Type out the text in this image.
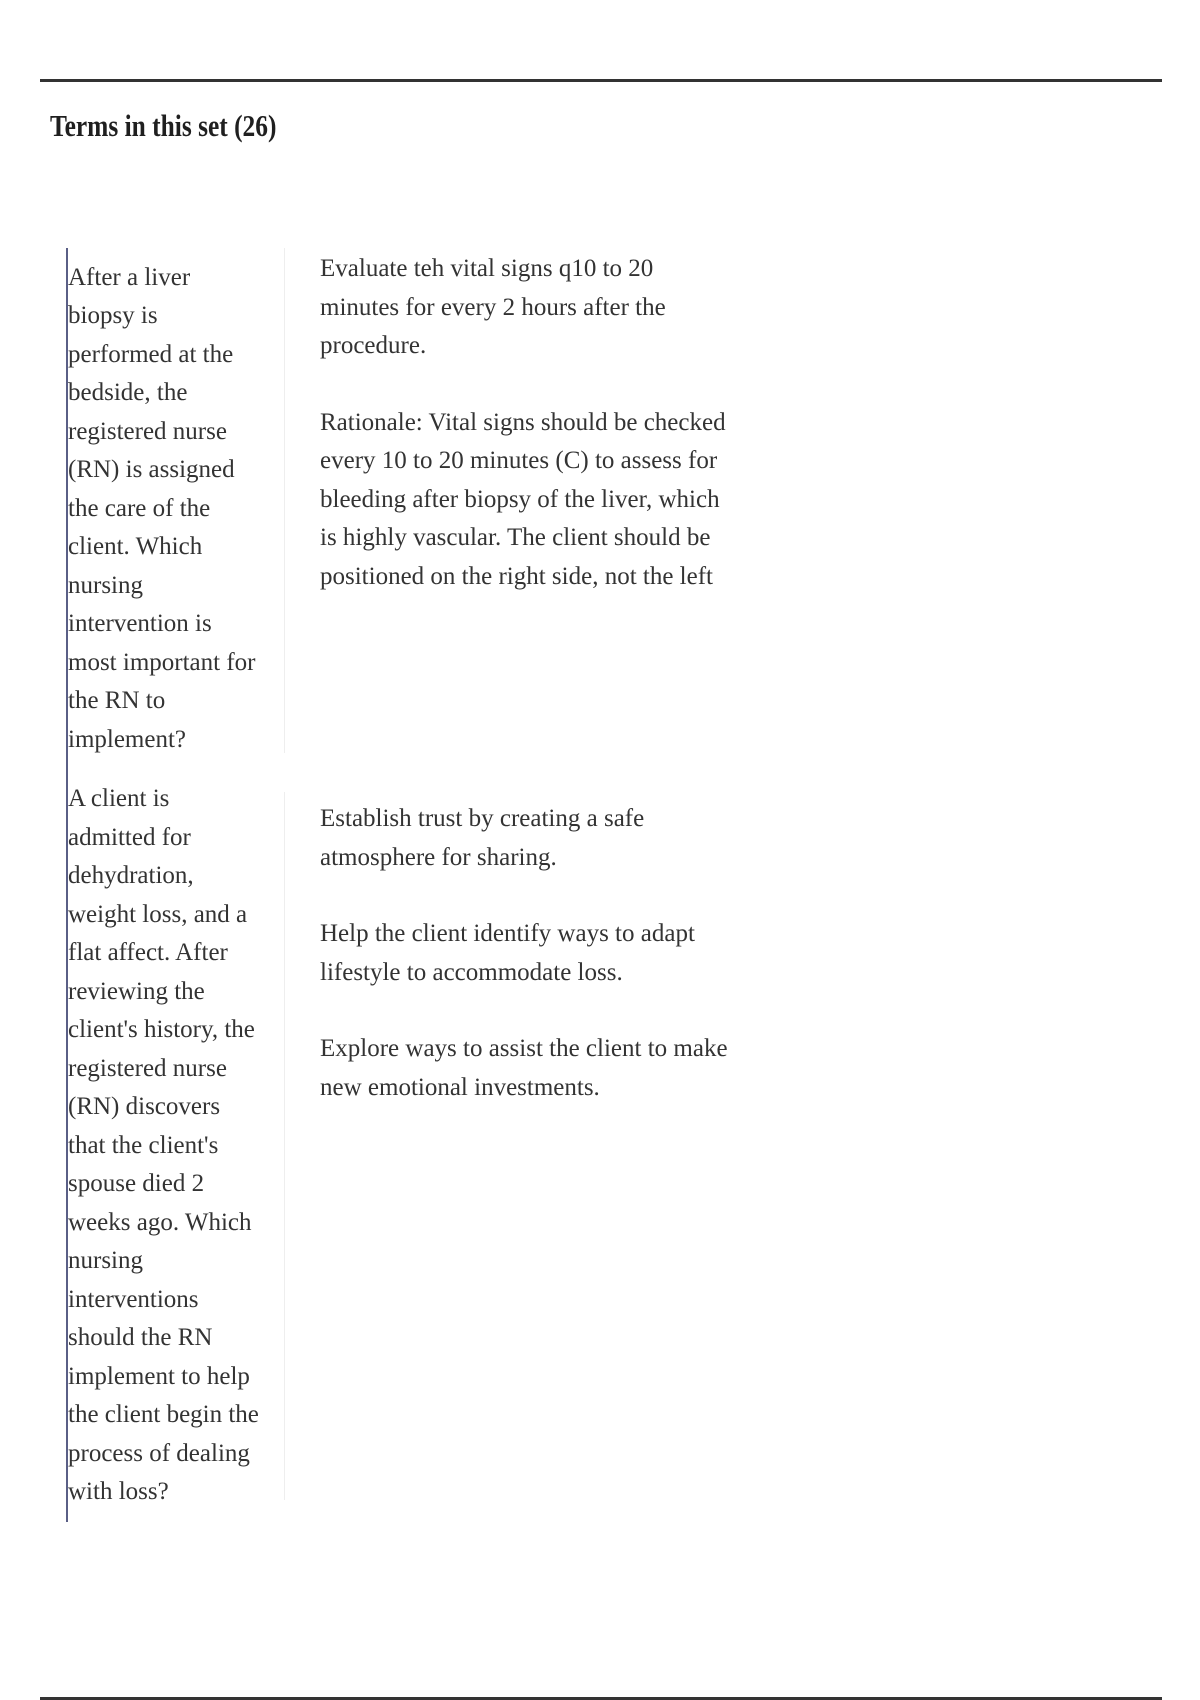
Terms in this set (26)
After a liver biopsy is performed at the bedside, the registered nurse (RN) is assigned the care of the client. Which nursing intervention is most important for the RN to implement?

Evaluate teh vital signs q10 to 20 minutes for every 2 hours after the procedure.

Rationale: Vital signs should be checked every 10 to 20 minutes (C) to assess for bleeding after biopsy of the liver, which is highly vascular. The client should be positioned on the right side, not the left

A client is admitted for dehydration, weight loss, and a flat affect. After reviewing the client's history, the registered nurse (RN) discovers that the client's spouse died 2 weeks ago. Which nursing interventions should the RN implement to help the client begin the process of dealing with loss?

Establish trust by creating a safe atmosphere for sharing.

Help the client identify ways to adapt lifestyle to accommodate loss.

Explore ways to assist the client to make new emotional investments.
